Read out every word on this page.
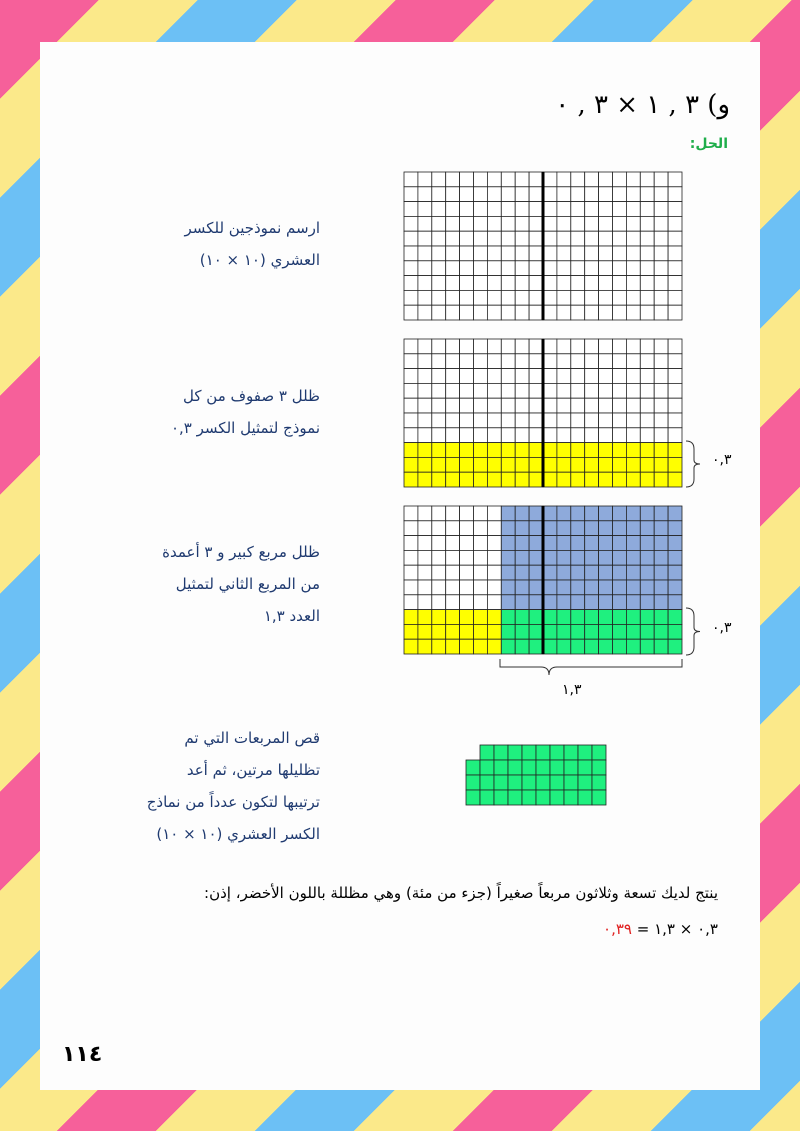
و) ٣ , ١ × ٣ , ٠
الحل:
ارسم نموذجين للكسر العشري (١٠ × ١٠)
ظلل ٣ صفوف من كل نموذج لتمثيل الكسر ٠,٣
ظلل مربع كبير و ٣ أعمدة من المربع الثاني لتمثيل العدد ١,٣
قص المربعات التي تم تظليلها مرتين، ثم أعد ترتيبها لتكون عدداً من نماذج الكسر العشري (١٠ × ١٠)
٠,٣
٠,٣
١,٣
ينتج لديك تسعة وثلاثون مربعاً صغيراً (جزء من مئة) وهي مظللة باللون الأخضر، إذن:
٠,٣ × ١,٣ = ٠,٣٩
١١٤
